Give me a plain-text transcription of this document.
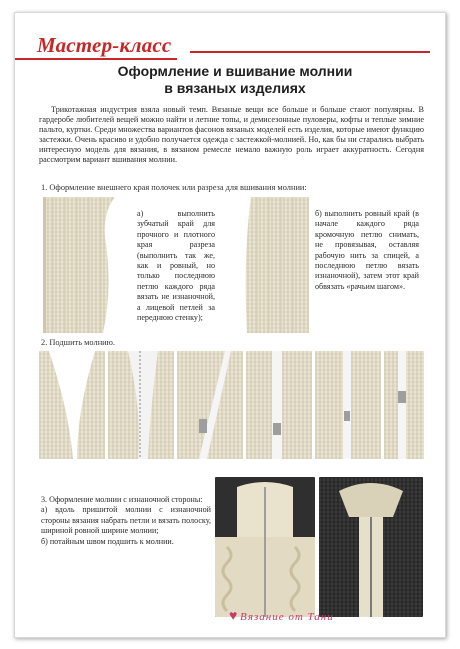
Мастер-класс
Оформление и вшивание молнии
в вязаных изделиях
Трикотажная индустрия взяла новый темп. Вязаные вещи все больше и больше стают популярны. В гардеробе любителей вещей можно найти и летние топы, и демисезонные пуловеры, кофты и теплые зимние пальто, куртки. Среди множества вариантов фасонов вязаных моделей есть изделия, которые имеют функцию застежки. Очень красиво и удобно получается одежда с застежкой-молнией. Но, как бы ни старались выбрать интересную модель для вязания, в вязаном ремесле немало важную роль играет аккуратность. Сегодня рассмотрим вариант вшивания молнии.
1. Оформление внешнего края полочек или разреза для вшивания молнии:
а) выполнить зубчатый край для прочного и плотного края разреза (выполнить так же, как и ровный, но только последнюю петлю каждого ряда вязать не изнаночной, а лицевой петлей за переднюю стенку);
б) выполнить ровный край (в начале каждого ряда кромочную петлю снимать, не провязывая, оставляя рабочую нить за спицей, а последнюю петлю вязать изнаночной), затем этот край обвязать «рачьим шагом».
2. Подшить молнию.
3. Оформление молнии с изнаночной стороны:
а) вдоль пришитой молнии с изнаночной стороны вязания набрать петли и вязать полоску, шириной ровной ширине молнии;
б) потайным швом подшить к молнии.
♥ Вязание от Тани
